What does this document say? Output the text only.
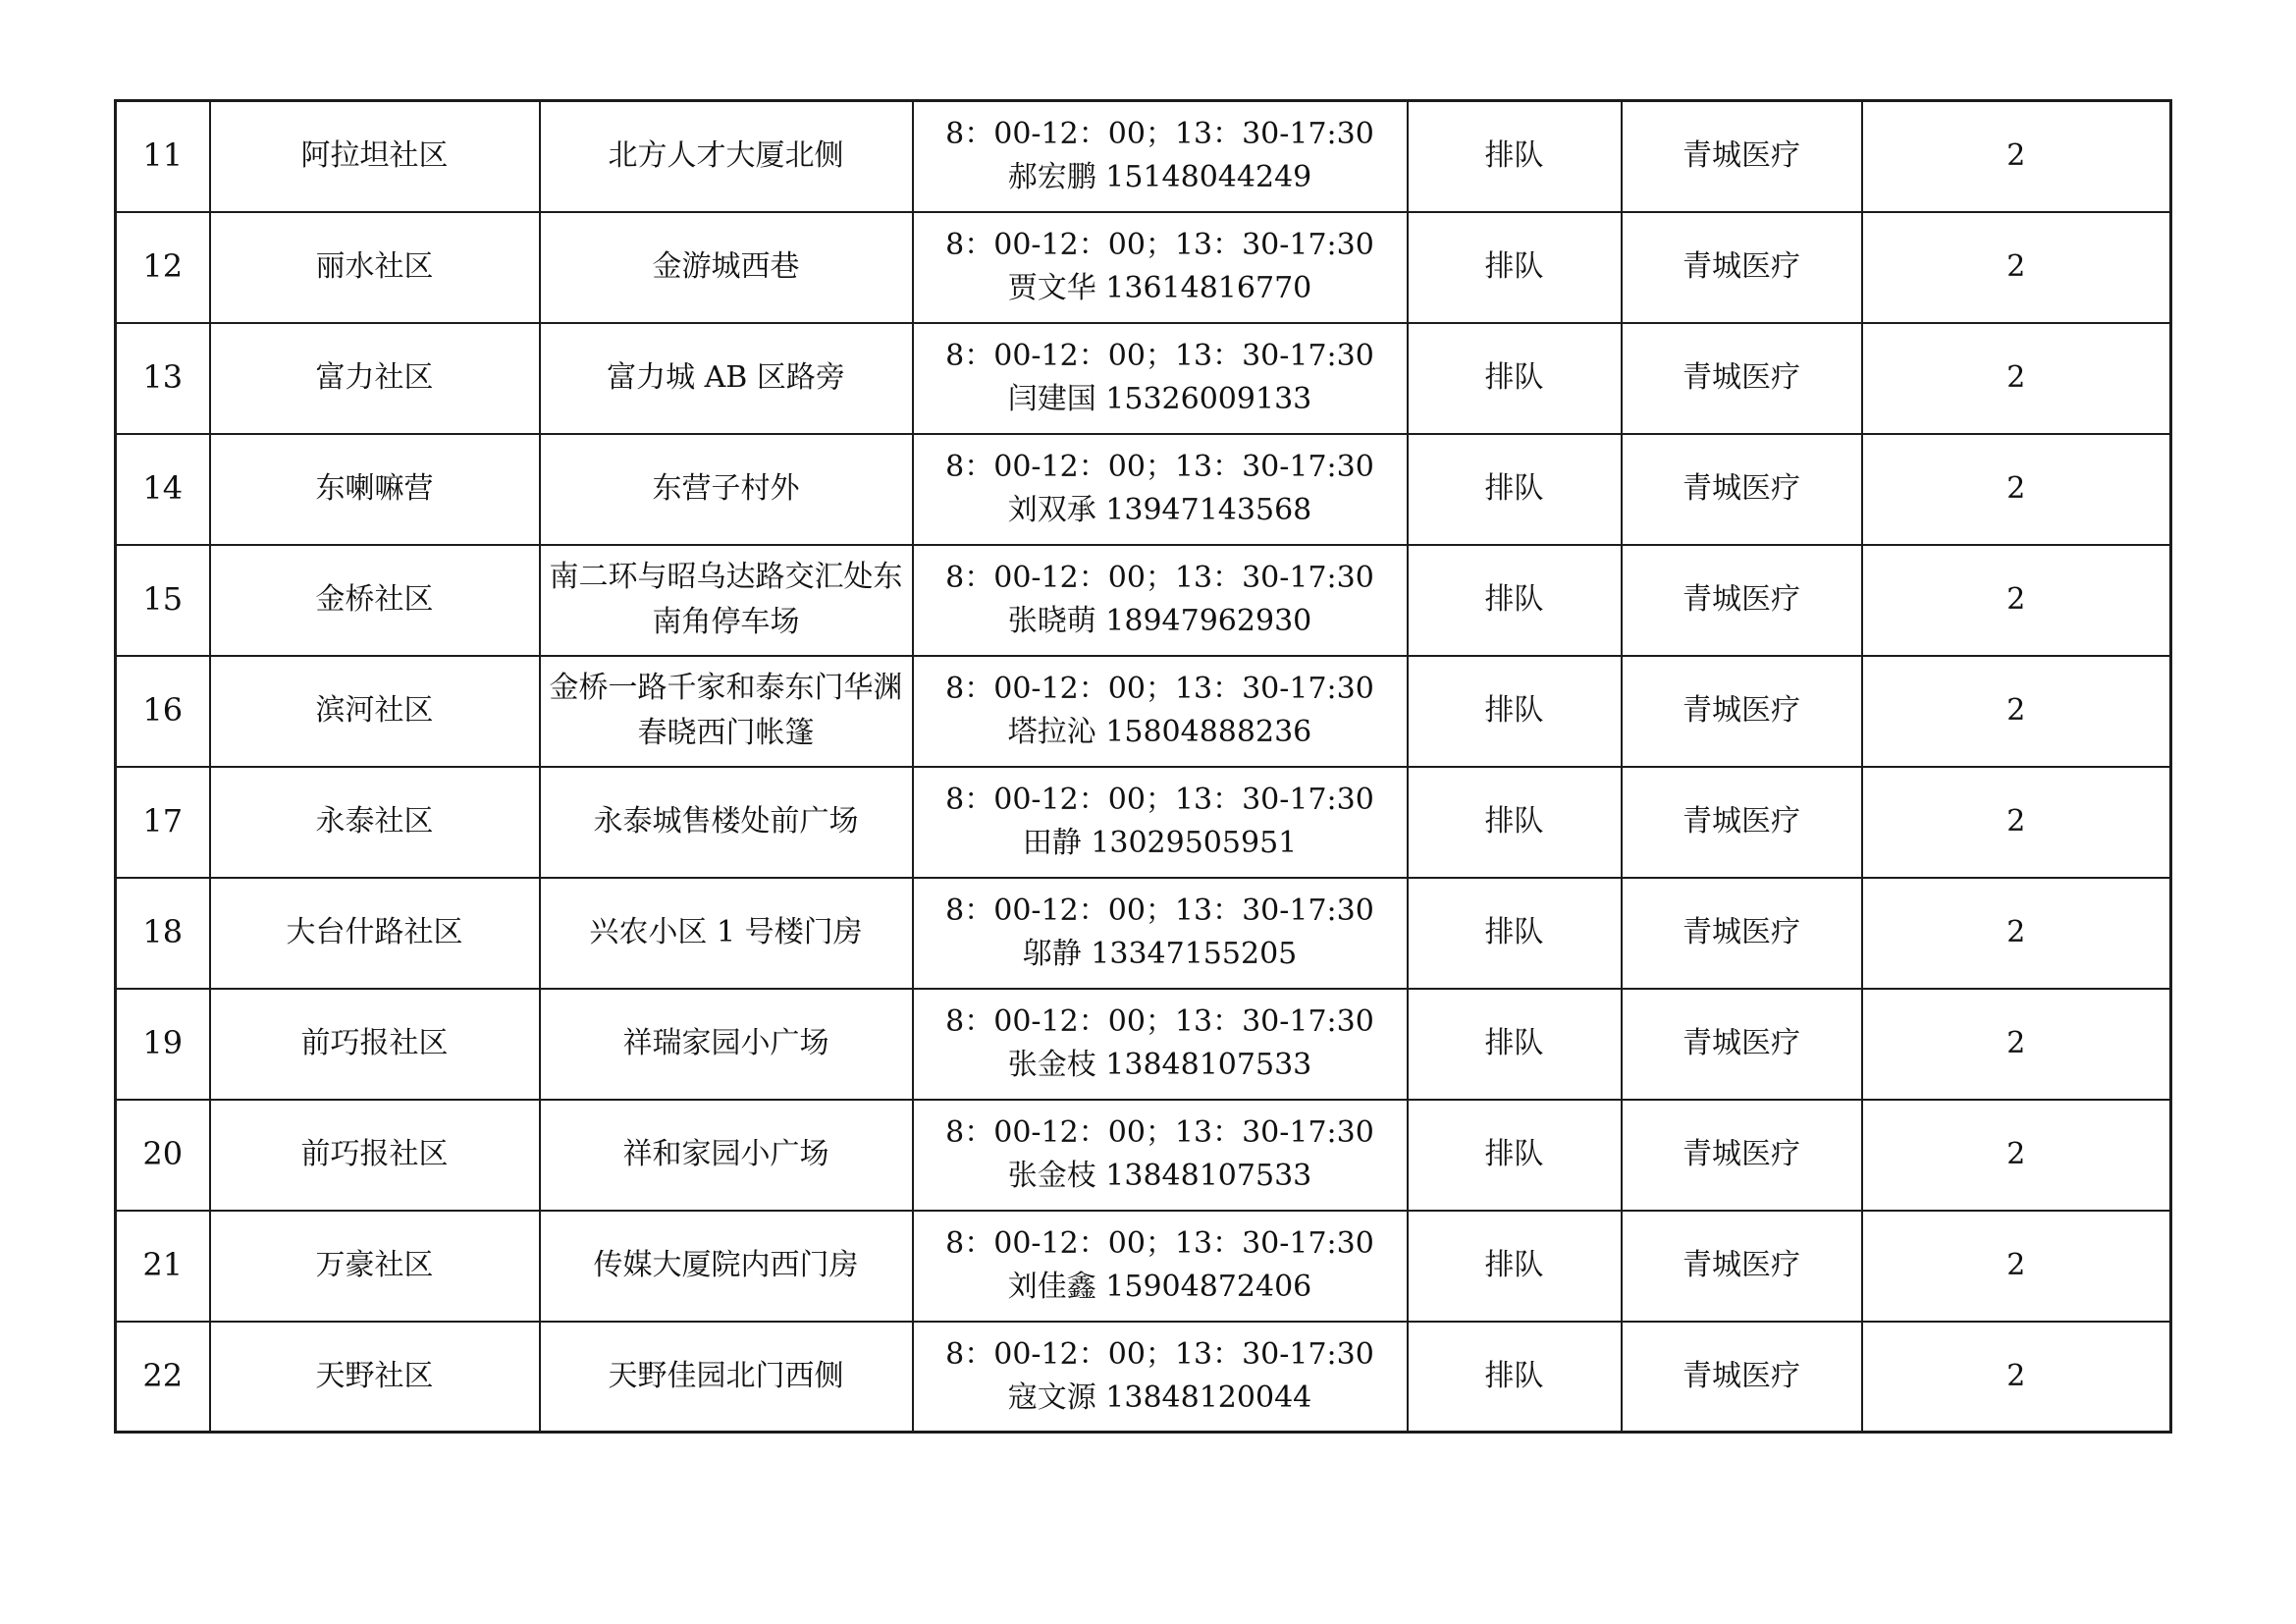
11	阿拉坦社区	北方人才大厦北侧	8：00-12：00；13：30-17:30
郝宏鹏 15148044249	排队	青城医疗	2
12	丽水社区	金游城西巷	8：00-12：00；13：30-17:30
贾文华 13614816770	排队	青城医疗	2
13	富力社区	富力城 AB 区路旁	8：00-12：00；13：30-17:30
闫建国 15326009133	排队	青城医疗	2
14	东喇嘛营	东营子村外	8：00-12：00；13：30-17:30
刘双承 13947143568	排队	青城医疗	2
15	金桥社区	南二环与昭乌达路交汇处东南角停车场	8：00-12：00；13：30-17:30
张晓萌 18947962930	排队	青城医疗	2
16	滨河社区	金桥一路千家和泰东门华渊春晓西门帐篷	8：00-12：00；13：30-17:30
塔拉沁 15804888236	排队	青城医疗	2
17	永泰社区	永泰城售楼处前广场	8：00-12：00；13：30-17:30
田静 13029505951	排队	青城医疗	2
18	大台什路社区	兴农小区 1 号楼门房	8：00-12：00；13：30-17:30
邬静 13347155205	排队	青城医疗	2
19	前巧报社区	祥瑞家园小广场	8：00-12：00；13：30-17:30
张金枝 13848107533	排队	青城医疗	2
20	前巧报社区	祥和家园小广场	8：00-12：00；13：30-17:30
张金枝 13848107533	排队	青城医疗	2
21	万豪社区	传媒大厦院内西门房	8：00-12：00；13：30-17:30
刘佳鑫 15904872406	排队	青城医疗	2
22	天野社区	天野佳园北门西侧	8：00-12：00；13：30-17:30
寇文源 13848120044	排队	青城医疗	2
